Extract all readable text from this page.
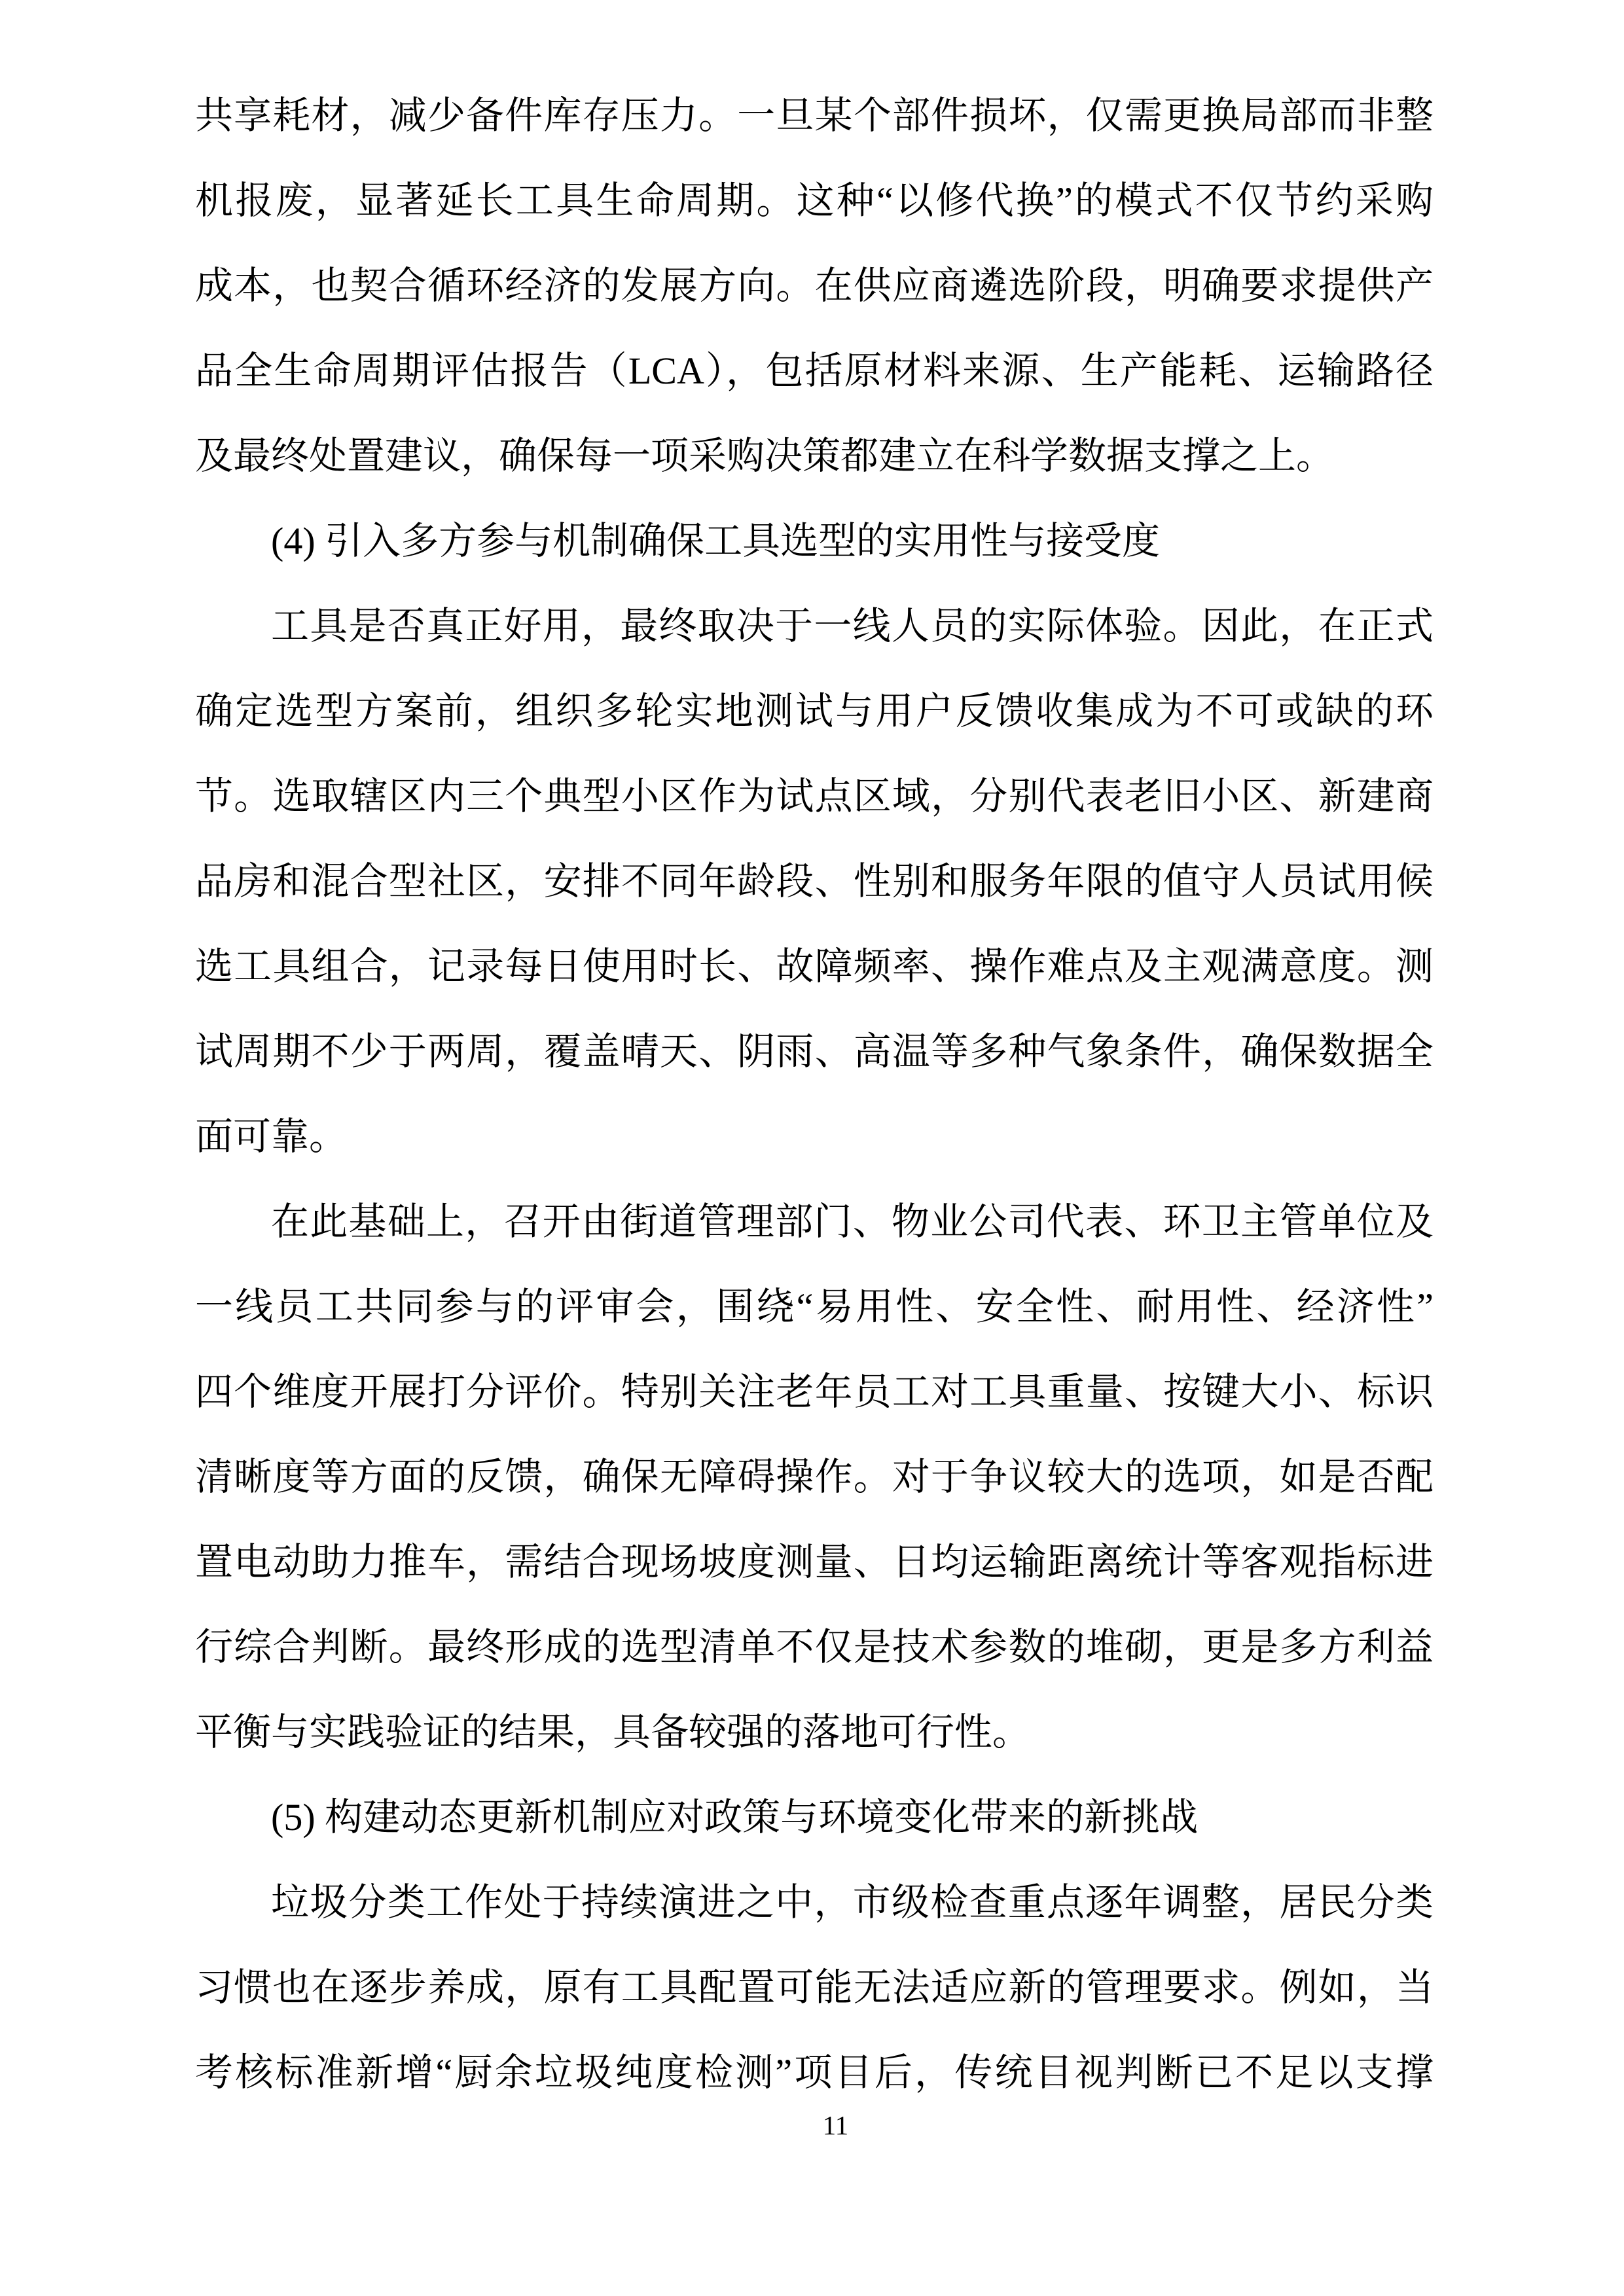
共享耗材，减少备件库存压力。一旦某个部件损坏，仅需更换局部而非整
机报废，显著延长工具生命周期。这种“以修代换”的模式不仅节约采购
成本，也契合循环经济的发展方向。在供应商遴选阶段，明确要求提供产
品全生命周期评估报告（LCA），包括原材料来源、生产能耗、运输路径
及最终处置建议，确保每一项采购决策都建立在科学数据支撑之上。
(4) 引入多方参与机制确保工具选型的实用性与接受度
工具是否真正好用，最终取决于一线人员的实际体验。因此，在正式
确定选型方案前，组织多轮实地测试与用户反馈收集成为不可或缺的环
节。选取辖区内三个典型小区作为试点区域，分别代表老旧小区、新建商
品房和混合型社区，安排不同年龄段、性别和服务年限的值守人员试用候
选工具组合，记录每日使用时长、故障频率、操作难点及主观满意度。测
试周期不少于两周，覆盖晴天、阴雨、高温等多种气象条件，确保数据全
面可靠。
在此基础上，召开由街道管理部门、物业公司代表、环卫主管单位及
一线员工共同参与的评审会，围绕“易用性、安全性、耐用性、经济性”
四个维度开展打分评价。特别关注老年员工对工具重量、按键大小、标识
清晰度等方面的反馈，确保无障碍操作。对于争议较大的选项，如是否配
置电动助力推车，需结合现场坡度测量、日均运输距离统计等客观指标进
行综合判断。最终形成的选型清单不仅是技术参数的堆砌，更是多方利益
平衡与实践验证的结果，具备较强的落地可行性。
(5) 构建动态更新机制应对政策与环境变化带来的新挑战
垃圾分类工作处于持续演进之中，市级检查重点逐年调整，居民分类
习惯也在逐步养成，原有工具配置可能无法适应新的管理要求。例如，当
考核标准新增“厨余垃圾纯度检测”项目后，传统目视判断已不足以支撑
11
